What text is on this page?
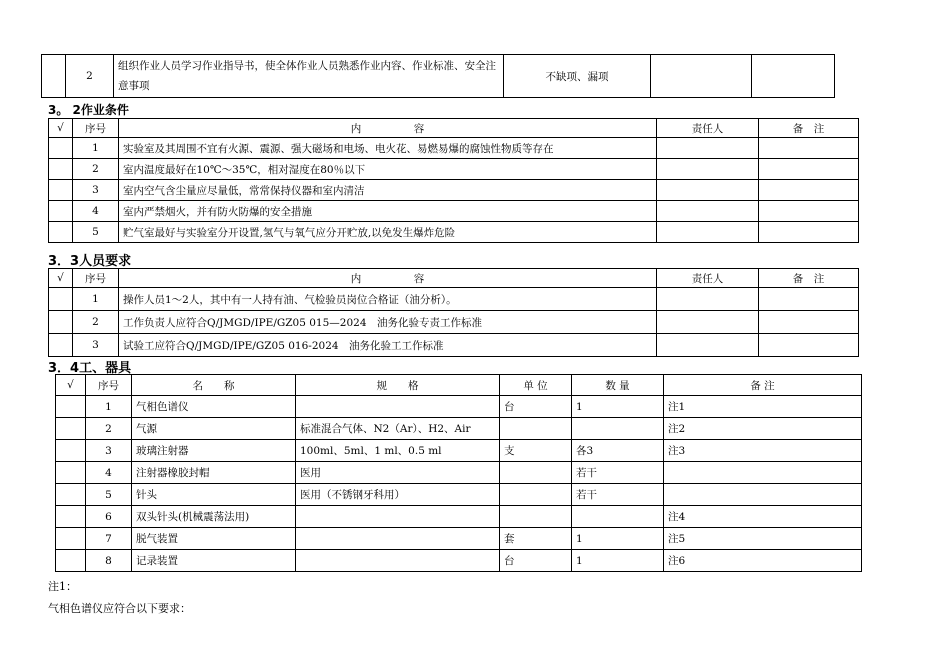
	2	组织作业人员学习作业指导书，使全体作业人员熟悉作业内容、作业标准、安全注意事项	不缺项、漏项		
3。 2作业条件
√	序号	内　　　　　容	责任人	备　注
	1	实验室及其周围不宜有火源、震源、强大磁场和电场、电火花、易燃易爆的腐蚀性物质等存在		
	2	室内温度最好在10℃～35℃，相对湿度在80％以下		
	3	室内空气含尘量应尽量低，常常保持仪器和室内清洁		
	4	室内严禁烟火，并有防火防爆的安全措施		
	5	贮气室最好与实验室分开设置,氢气与氧气应分开贮放,以免发生爆炸危险		
3．3人员要求
√	序号	内　　　　　容	责任人	备　注
	1	操作人员1～2人，其中有一人持有油、气检验员岗位合格证（油分析）。		
	2	工作负责人应符合Q/JMGD/IPE/GZ05 015—2024　油务化验专责工作标准		
	3	试验工应符合Q/JMGD/IPE/GZ05 016-2024　油务化验工工作标准		
3．4工、器具
√	序号	名　　称	规　　格	单 位	数 量	备 注
	1	气相色谱仪		台	1	注1
	2	气源	标准混合气体、N2（Ar）、H2、Air			注2
	3	玻璃注射器	100ml、5ml、1 ml、0.5 ml	支	各3	注3
	4	注射器橡胶封帽	医用		若干	
	5	针头	医用（不锈钢牙科用）		若干	
	6	双头针头(机械震荡法用)				注4
	7	脱气装置		套	1	注5
	8	记录装置		台	1	注6
注1：
气相色谱仪应符合以下要求：
